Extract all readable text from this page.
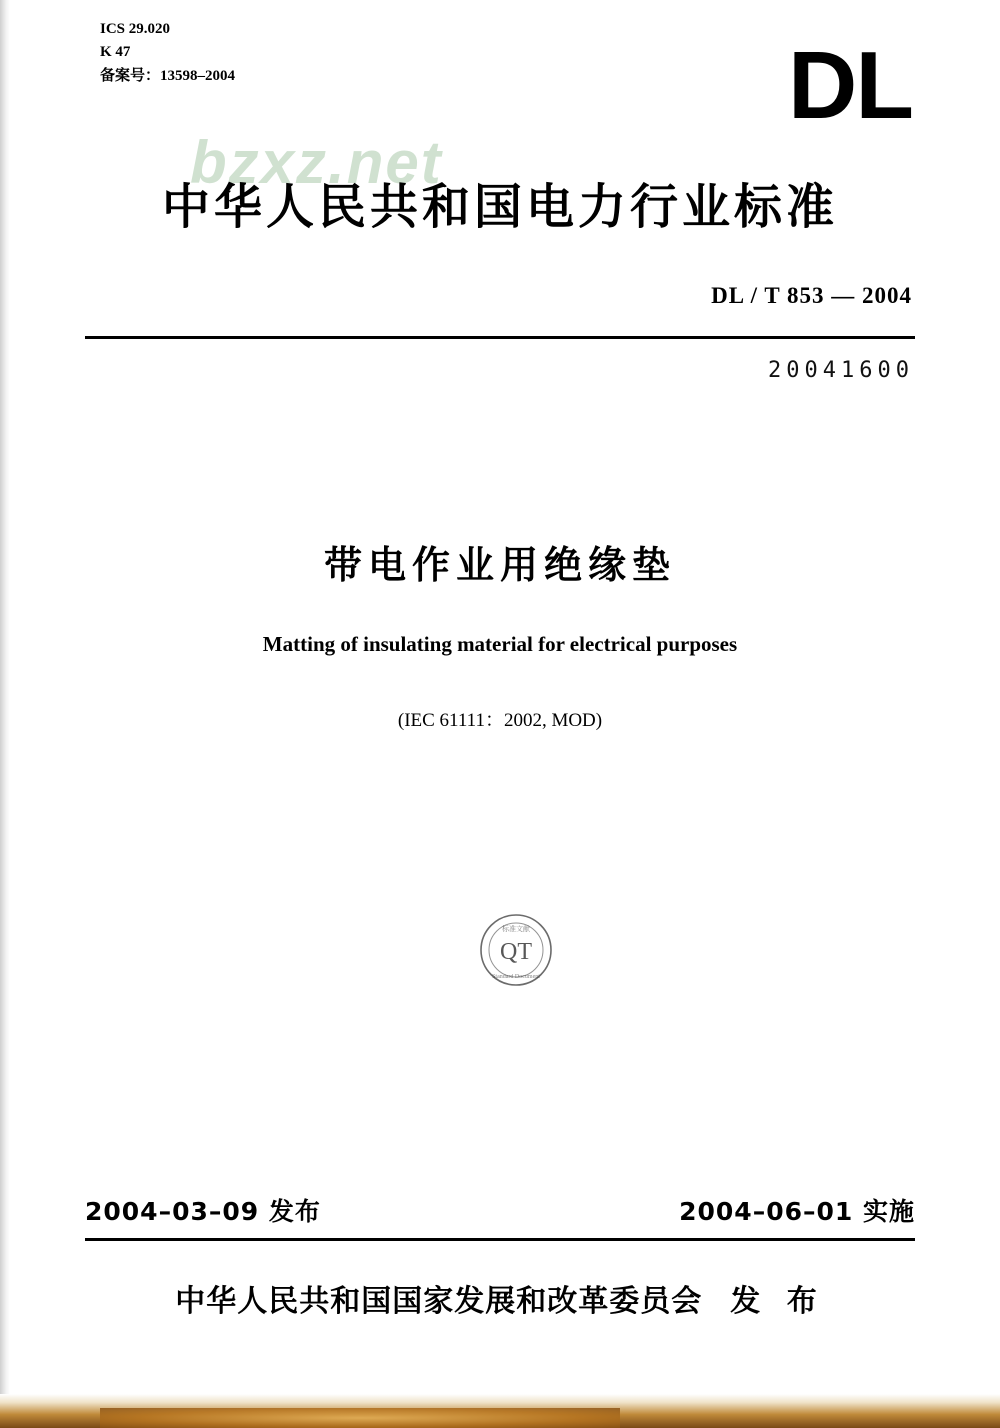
ICS 29.020
K 47
备案号：13598–2004	DL
bzxz.net
中华人民共和国电力行业标准
DL / T 853 — 2004
20041600
带电作业用绝缘垫
Matting of insulating material for electrical purposes
(IEC 61111：2002, MOD)
QT
标准文献
Standard Document
2004–03–09 发布	2004–06–01 实施
中华人民共和国国家发展和改革委员会 发 布
